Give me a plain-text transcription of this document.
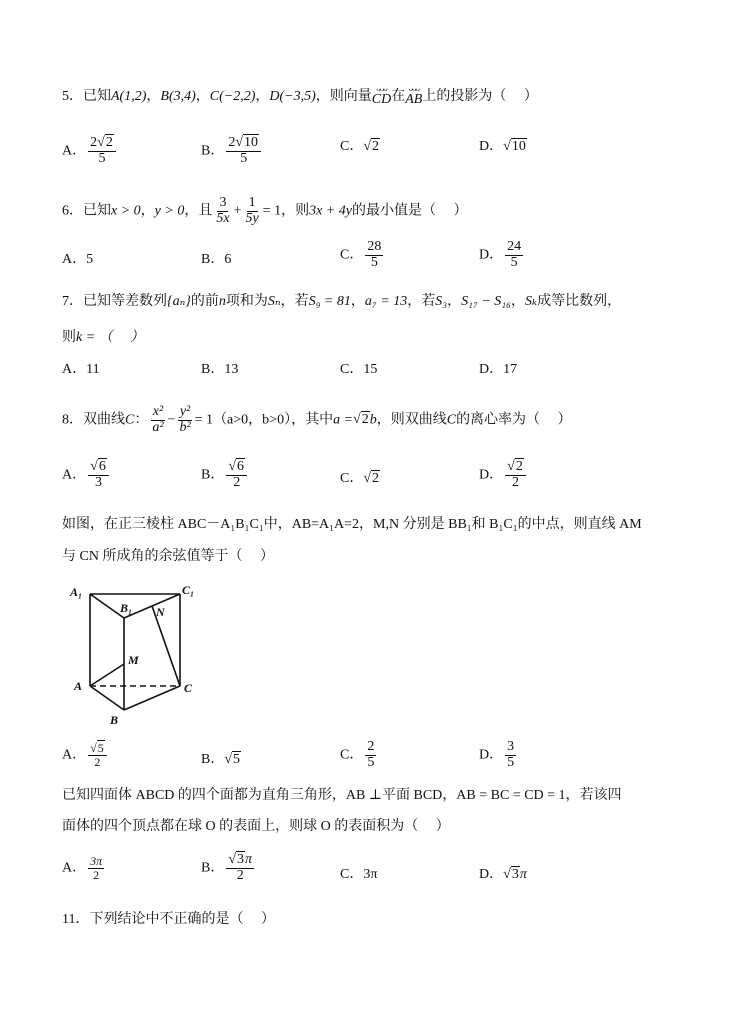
5．已知A(1,2)，B(3,4)，C(−2,2)，D(−3,5)，则向量
ᴗᴗᴗ
CD 在
ᴗᴗᴗ
AB 上的投影为（　 ）
A． $\frac{2√2}{5}$	B． $\frac{2√10}{5}$	C．√2	D．√10
6．已知x > 0，y > 0，且 $\frac{3}{5x} + \frac{1}{5y} = 1$，则3x + 4y的最小值是（　 ）
A．5	B．6	C． $\frac{28}{5}$	D． $\frac{24}{5}$
7．已知等差数列{aₙ}的前n项和为Sₙ，若S₉ = 81，a₇ = 13，若S₃，S₁₇ − S₁₆，Sₖ成等比数列，
则k = （　 ）
A．11	B．13	C．15	D．17
8．双曲线C： $\frac{\text{x²}}{\text{a²}} - \frac{\text{y²}}{\text{b²}} = 1(a>0$，b>0），其中a =√2b，则双曲线C的离心率为（　 ）
A． $\frac{√6}{3}$	B． $\frac{√6}{2}$	C．√2	D． $\frac{√2}{2}$
如图，在正三棱柱 ABC－A₁B₁C₁中，AB=A₁A=2，M,N 分别是 BB₁和 B₁C₁的中点，则直线 AM
与 CN 所成角的余弦值等于（　 ）
A₁
B₁
C₁
N
M
A	C
B
A． $\frac{√5}{2}$	B．√5	C． $\frac{2}{5}$	D． $\frac{3}{5}$
已知四面体 ABCD 的四个面都为直角三角形，AB ⊥平面 BCD，AB = BC = CD = 1，若该四
面体的四个顶点都在球 O 的表面上，则球 O 的表面积为（　 ）
A． $\frac{3\pi}{2}$	B． $\frac{√3\pi}{2}$	C．3π	D．√3π
11．下列结论中不正确的是（　 ）
